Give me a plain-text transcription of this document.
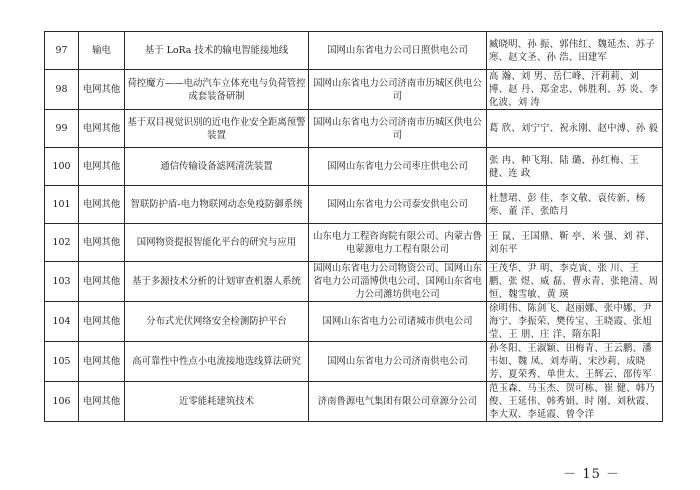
97	输电	基于 LoRa 技术的输电智能接地线	国网山东省电力公司日照供电公司	臧晓明、孙 振、郭伟红、魏延杰、苏子寒、赵文圣、孙 浩、田建军
98	电网其他	荷控魔方——电动汽车立体充电与负荷管控成套装备研制	国网山东省电力公司济南市历城区供电公司	高 瀚、刘 男、岳仁峰、汗莉莉、刘 博、赵 丹、郑金忠、韩胜利、苏 炎、李化波、刘 涛
99	电网其他	基于双目视觉识别的近电作业安全距离预警装置	国网山东省电力公司济南市历城区供电公司	葛 欣、刘宁宁、祝永刚、赵中溥、孙 毅
100	电网其他	通信传输设备滤网清洗装置	国网山东省电力公司枣庄供电公司	张 冉、种飞翔、陆 璐、孙红梅、王 健、连 政
101	电网其他	智联防护盾-电力物联网动态免疫防御系统	国网山东省电力公司泰安供电公司	杜慧珺、彭 佳、李文敬、袁传新、杨 寒、董 洋、张皓月
102	电网其他	国网物资提报智能化平台的研究与应用	山东电力工程咨询院有限公司、内蒙古鲁电蒙源电力工程有限公司	王 鼠、王国鼎、靳 亭、米 强、刘 祥、刘东平
103	电网其他	基于多源技术分析的计划审查机器人系统	国网山东省电力公司物资公司、国网山东省电力公司淄博供电公司、国网山东省电力公司潍坊供电公司	王茂华、尹 明、李克寅、张 川、王 鹏、张 煜、威 磊、曹永青、张艳清、周 恒、魏雪敏、黄 瑛
104	电网其他	分布式光伏网络安全检测防护平台	国网山东省电力公司诸城市供电公司	徐明伟、陈剑飞、赵丽娜、张中娜、尹海宁、李振荣、樊传宝、王晓霞、张旭莹、王 朋、庄 洋、隋东阳
105	电网其他	高可靠性中性点小电流接地选线算法研究	国网山东省电力公司济南供电公司	孙冬阳、王淑颖、田梅青、王云鹏、潘韦如、魏 凤、刘寿萌、宋沙莉、成晓芳、夏荣秀、单世太、王辉云、邵传军
106	电网其他	近零能耗建筑技术	济南鲁源电气集团有限公司章源分公司	范玉森、马玉杰、贺可栋、崔 健、韩乃俊、王延伟、韩秀娟、时 刚、刘秋霞、李大双、李延霞、曾令洋
－ 15 －
